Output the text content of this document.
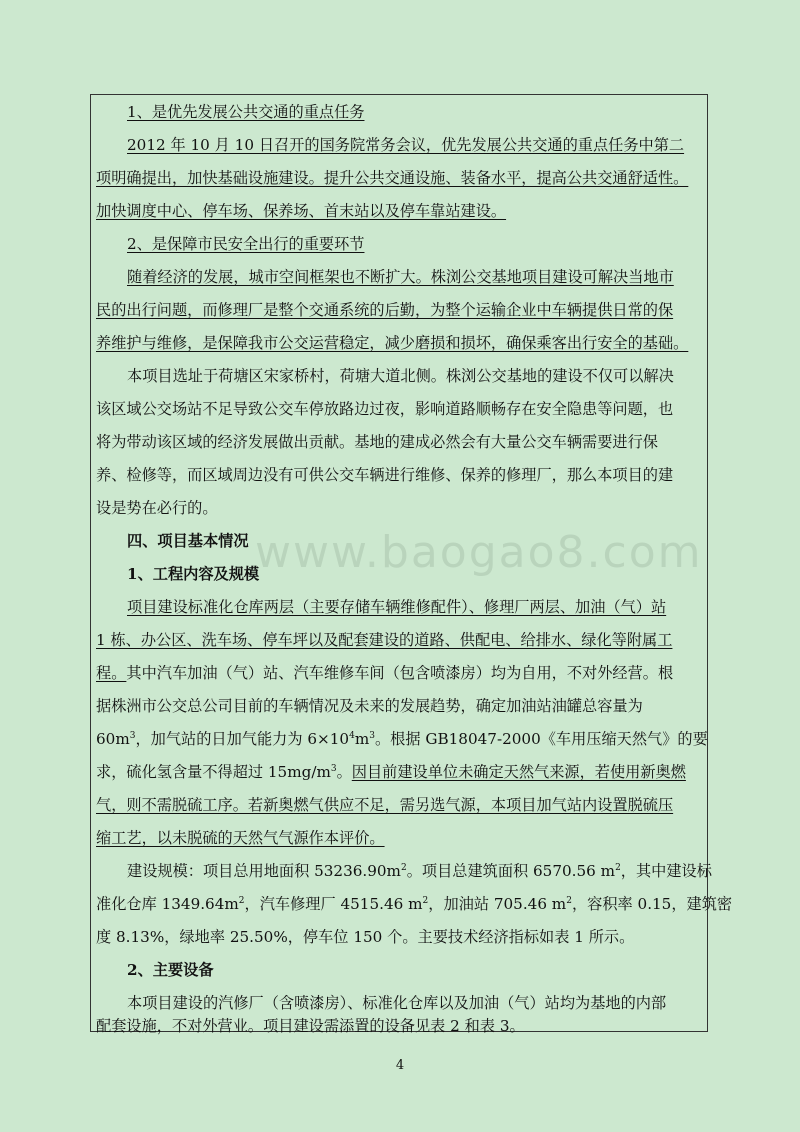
www.baogao8.com
1、是优先发展公共交通的重点任务
2012 年 10 月 10 日召开的国务院常务会议，优先发展公共交通的重点任务中第二
项明确提出，加快基础设施建设。提升公共交通设施、装备水平，提高公共交通舒适性。
加快调度中心、停车场、保养场、首末站以及停车靠站建设。
2、是保障市民安全出行的重要环节
随着经济的发展，城市空间框架也不断扩大。株浏公交基地项目建设可解决当地市
民的出行问题，而修理厂是整个交通系统的后勤，为整个运输企业中车辆提供日常的保
养维护与维修，是保障我市公交运营稳定，减少磨损和损坏，确保乘客出行安全的基础。
本项目选址于荷塘区宋家桥村，荷塘大道北侧。株浏公交基地的建设不仅可以解决
该区域公交场站不足导致公交车停放路边过夜，影响道路顺畅存在安全隐患等问题，也
将为带动该区域的经济发展做出贡献。基地的建成必然会有大量公交车辆需要进行保
养、检修等，而区域周边没有可供公交车辆进行维修、保养的修理厂，那么本项目的建
设是势在必行的。
四、项目基本情况
1、工程内容及规模
项目建设标准化仓库两层（主要存储车辆维修配件）、修理厂两层、加油（气）站
1 栋、办公区、洗车场、停车坪以及配套建设的道路、供配电、给排水、绿化等附属工
程。其中汽车加油（气）站、汽车维修车间（包含喷漆房）均为自用，不对外经营。根
据株洲市公交总公司目前的车辆情况及未来的发展趋势，确定加油站油罐总容量为
$60m^3$，加气站的日加气能力为 $6\times 10^4m^3$。根据 GB18047-2000《车用压缩天然气》的要
求，硫化氢含量不得超过 $15mg/m^3$。因目前建设单位未确定天然气来源，若使用新奥燃
气，则不需脱硫工序。若新奥燃气供应不足，需另选气源，本项目加气站内设置脱硫压
缩工艺，以未脱硫的天然气气源作本评价。
建设规模：项目总用地面积 $53236.90m^2$。项目总建筑面积 6570.56 $m^2$，其中建设标
准化仓库 $1349.64m^2$，汽车修理厂 4515.46 $m^2$，加油站 705.46 $m^2$，容积率 0.15，建筑密
度 8.13%，绿地率 25.50%，停车位 150 个。主要技术经济指标如表 1 所示。
2、主要设备
本项目建设的汽修厂（含喷漆房）、标准化仓库以及加油（气）站均为基地的内部
配套设施，不对外营业。项目建设需添置的设备见表 2 和表 3。
4
